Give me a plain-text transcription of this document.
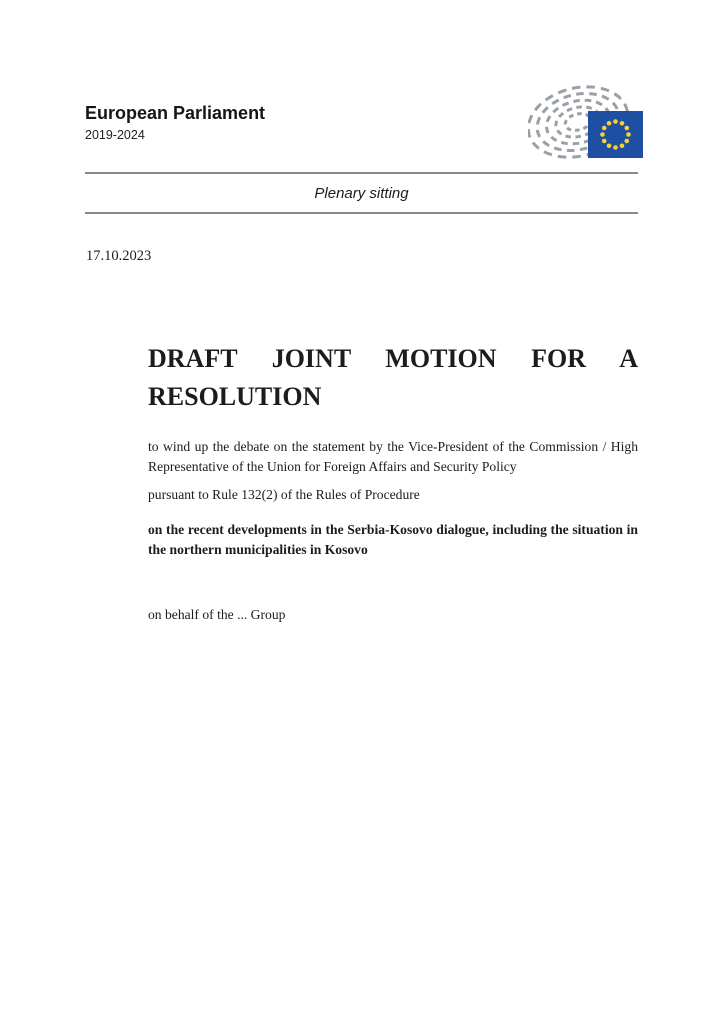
European Parliament
2019-2024
Plenary sitting
17.10.2023
DRAFT JOINT MOTION FOR A RESOLUTION

to wind up the debate on the statement by the Vice-President of the Commission / High Representative of the Union for Foreign Affairs and Security Policy

pursuant to Rule 132(2) of the Rules of Procedure

on the recent developments in the Serbia-Kosovo dialogue, including the situation in the northern municipalities in Kosovo

on behalf of the ... Group
